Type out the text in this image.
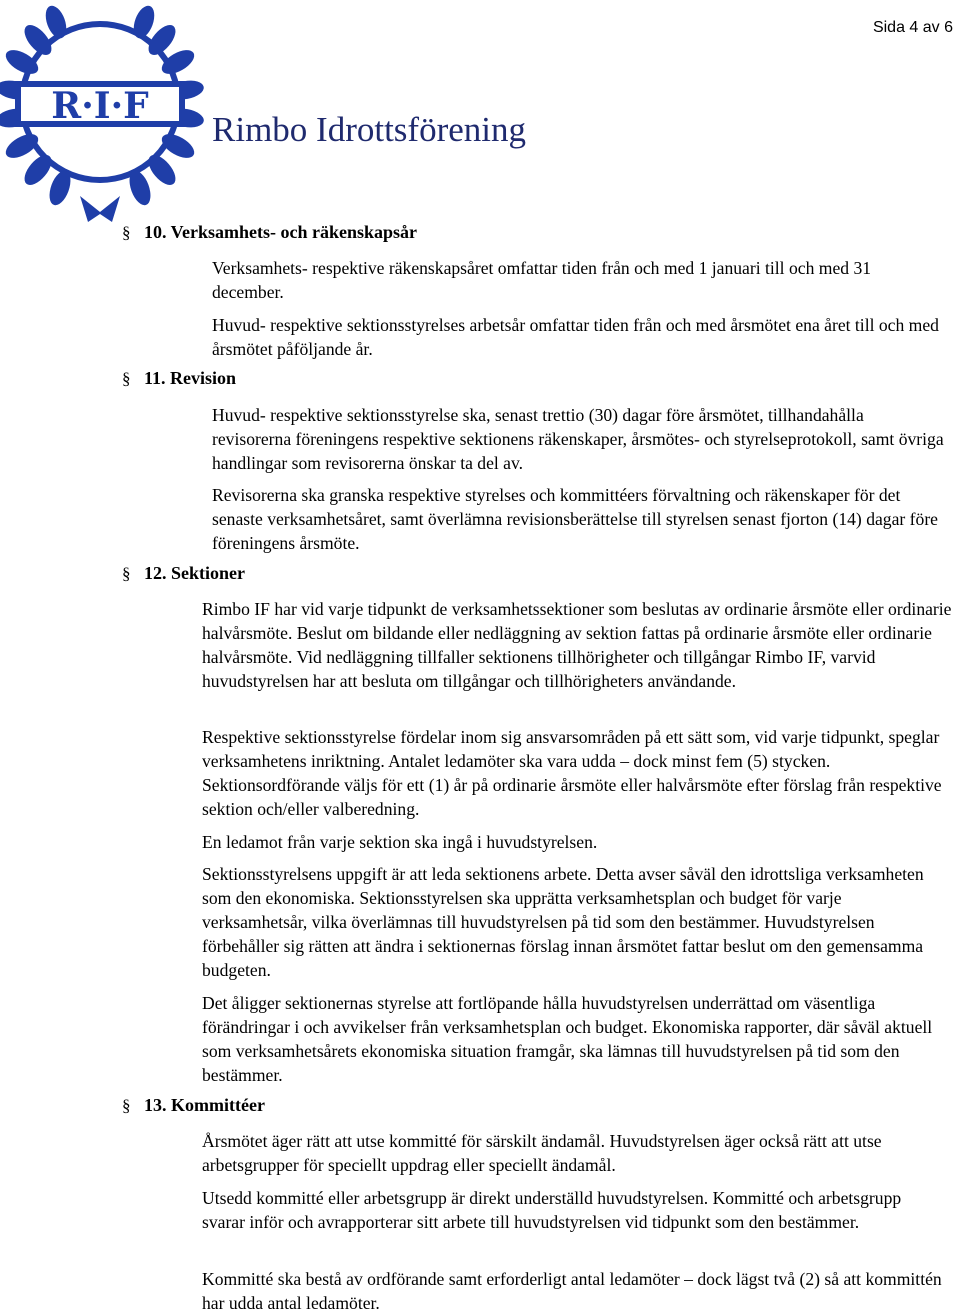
Sida 4 av 6
R·I·F
Rimbo Idrottsförening
§ 10. Verksamhets- och räkenskapsår

Verksamhets- respektive räkenskapsåret omfattar tiden från och med 1 januari till och med 31 december.

Huvud- respektive sektionsstyrelses arbetsår omfattar tiden från och med årsmötet ena året till och med årsmötet påföljande år.

§ 11. Revision

Huvud- respektive sektionsstyrelse ska, senast trettio (30) dagar före årsmötet, tillhandahålla revisorerna föreningens respektive sektionens räkenskaper, årsmötes- och styrelseprotokoll, samt övriga handlingar som revisorerna önskar ta del av.

Revisorerna ska granska respektive styrelses och kommittéers förvaltning och räkenskaper för det senaste verksamhetsåret, samt överlämna revisionsberättelse till styrelsen senast fjorton (14) dagar före föreningens årsmöte.

§ 12. Sektioner

Rimbo IF har vid varje tidpunkt de verksamhetssektioner som beslutas av ordinarie årsmöte eller ordinarie halvårsmöte. Beslut om bildande eller nedläggning av sektion fattas på ordinarie årsmöte eller ordinarie halvårsmöte. Vid nedläggning tillfaller sektionens tillhörigheter och tillgångar Rimbo IF, varvid huvudstyrelsen har att besluta om tillgångar och tillhörigheters användande.

Respektive sektionsstyrelse fördelar inom sig ansvarsområden på ett sätt som, vid varje tidpunkt, speglar verksamhetens inriktning. Antalet ledamöter ska vara udda – dock minst fem (5) stycken. Sektionsordförande väljs för ett (1) år på ordinarie årsmöte eller halvårsmöte efter förslag från respektive sektion och/eller valberedning.

En ledamot från varje sektion ska ingå i huvudstyrelsen.

Sektionsstyrelsens uppgift är att leda sektionens arbete. Detta avser såväl den idrottsliga verksamheten som den ekonomiska. Sektionsstyrelsen ska upprätta verksamhetsplan och budget för varje verksamhetsår, vilka överlämnas till huvudstyrelsen på tid som den bestämmer. Huvudstyrelsen förbehåller sig rätten att ändra i sektionernas förslag innan årsmötet fattar beslut om den gemensamma budgeten.

Det åligger sektionernas styrelse att fortlöpande hålla huvudstyrelsen underrättad om väsentliga förändringar i och avvikelser från verksamhetsplan och budget. Ekonomiska rapporter, där såväl aktuell som verksamhetsårets ekonomiska situation framgår, ska lämnas till huvudstyrelsen på tid som den bestämmer.

§ 13. Kommittéer

Årsmötet äger rätt att utse kommitté för särskilt ändamål. Huvudstyrelsen äger också rätt att utse arbetsgrupper för speciellt uppdrag eller speciellt ändamål.

Utsedd kommitté eller arbetsgrupp är direkt underställd huvudstyrelsen. Kommitté och arbetsgrupp svarar inför och avrapporterar sitt arbete till huvudstyrelsen vid tidpunkt som den bestämmer.

Kommitté ska bestå av ordförande samt erforderligt antal ledamöter – dock lägst två (2) så att kommittén har udda antal ledamöter.
